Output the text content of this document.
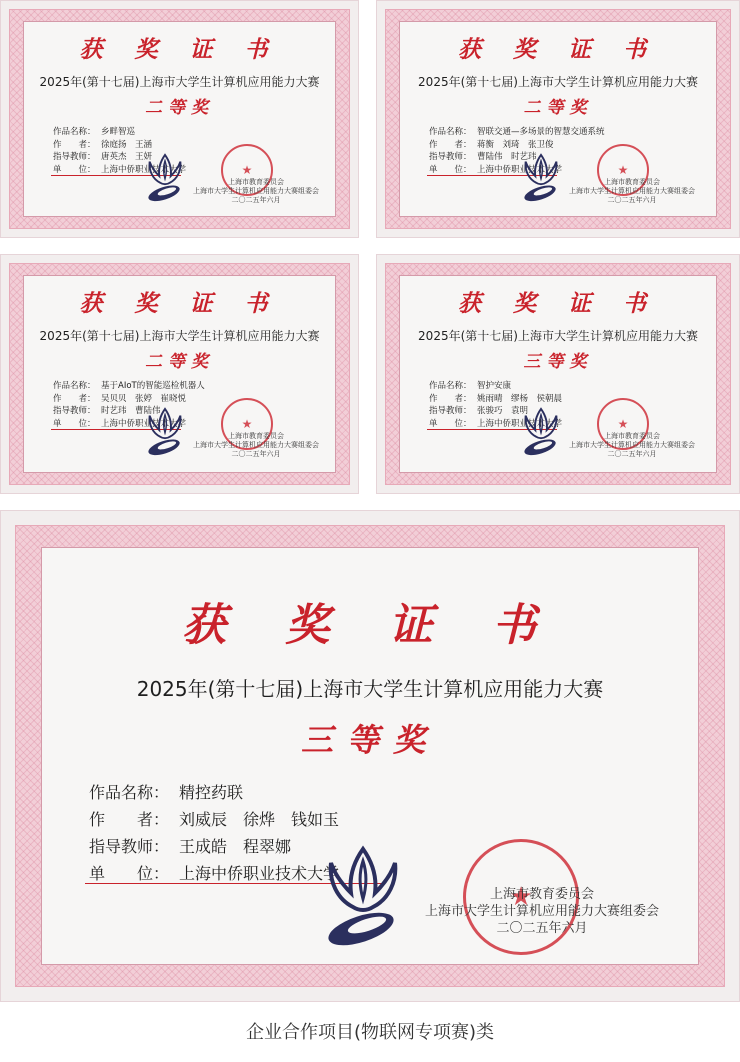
获 奖 证 书
2025年(第十七届)上海市大学生计算机应用能力大赛
二等奖
作品名称： 乡畔智巡
作　　者： 徐庭扬　王涵
指导教师： 唐英杰　王妍
单　　位： 上海中侨职业技术大学
★
上海市教育委员会
上海市大学生计算机应用能力大赛组委会
二〇二五年六月
获 奖 证 书
2025年(第十七届)上海市大学生计算机应用能力大赛
二等奖
作品名称： 智联交通—多场景的智慧交通系统
作　　者： 蒋衡　刘琦　张卫俊
指导教师： 曹陆伟　时艺玮
单　　位： 上海中侨职业技术大学
★
上海市教育委员会
上海市大学生计算机应用能力大赛组委会
二〇二五年六月
获 奖 证 书
2025年(第十七届)上海市大学生计算机应用能力大赛
二等奖
作品名称： 基于AIoT的智能巡检机器人
作　　者： 吴贝贝　张婷　崔晓悦
指导教师： 时艺玮　曹陆伟
单　　位： 上海中侨职业技术大学
★
上海市教育委员会
上海市大学生计算机应用能力大赛组委会
二〇二五年六月
获 奖 证 书
2025年(第十七届)上海市大学生计算机应用能力大赛
三等奖
作品名称： 智护安康
作　　者： 姚雨晴　缪杨　侯朝晨
指导教师： 张骏巧　袁明
单　　位： 上海中侨职业技术大学
★
上海市教育委员会
上海市大学生计算机应用能力大赛组委会
二〇二五年六月
获 奖 证 书
2025年(第十七届)上海市大学生计算机应用能力大赛
三等奖
作品名称： 精控药联
作　　者： 刘威辰　徐烨　钱如玉
指导教师： 王成皓　程翠娜
单　　位： 上海中侨职业技术大学
★
上海市教育委员会
上海市大学生计算机应用能力大赛组委会
二〇二五年六月
企业合作项目(物联网专项赛)类
